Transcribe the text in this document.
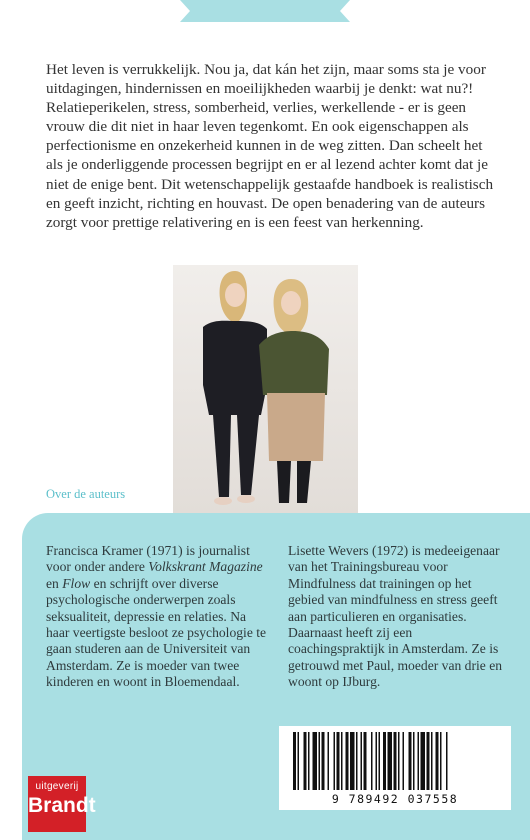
Het leven is verrukkelijk. Nou ja, dat kán het zijn, maar soms sta je voor uitdagingen, hindernissen en moeilijkheden waarbij je denkt: wat nu?! Relatieperikelen, stress, somberheid, verlies, werkellende - er is geen vrouw die dit niet in haar leven tegenkomt. En ook eigenschappen als perfectionisme en onzekerheid kunnen in de weg zitten. Dan scheelt het als je onderliggende processen begrijpt en er al lezend achter komt dat je niet de enige bent. Dit wetenschappelijk gestaafde handboek is realistisch en geeft inzicht, richting en houvast. De open benadering van de auteurs zorgt voor prettige relativering en is een feest van herkenning.

Over de auteurs

Francisca Kramer (1971) is journalist voor onder andere Volkskrant Magazine en Flow en schrijft over diverse psychologische onderwerpen zoals seksualiteit, depressie en relaties. Na haar veertigste besloot ze psychologie te gaan studeren aan de Universiteit van Amsterdam. Ze is moeder van twee kinderen en woont in Bloemendaal.

Lisette Wevers (1972) is medeeigenaar van het Trainingsbureau voor Mindfulness dat trainingen op het gebied van mindfulness en stress geeft aan particulieren en organisaties. Daarnaast heeft zij een coachingspraktijk in Amsterdam. Ze is getrouwd met Paul, moeder van drie en woont op IJburg.

9 789492 037558
uitgeverij
Brandt
